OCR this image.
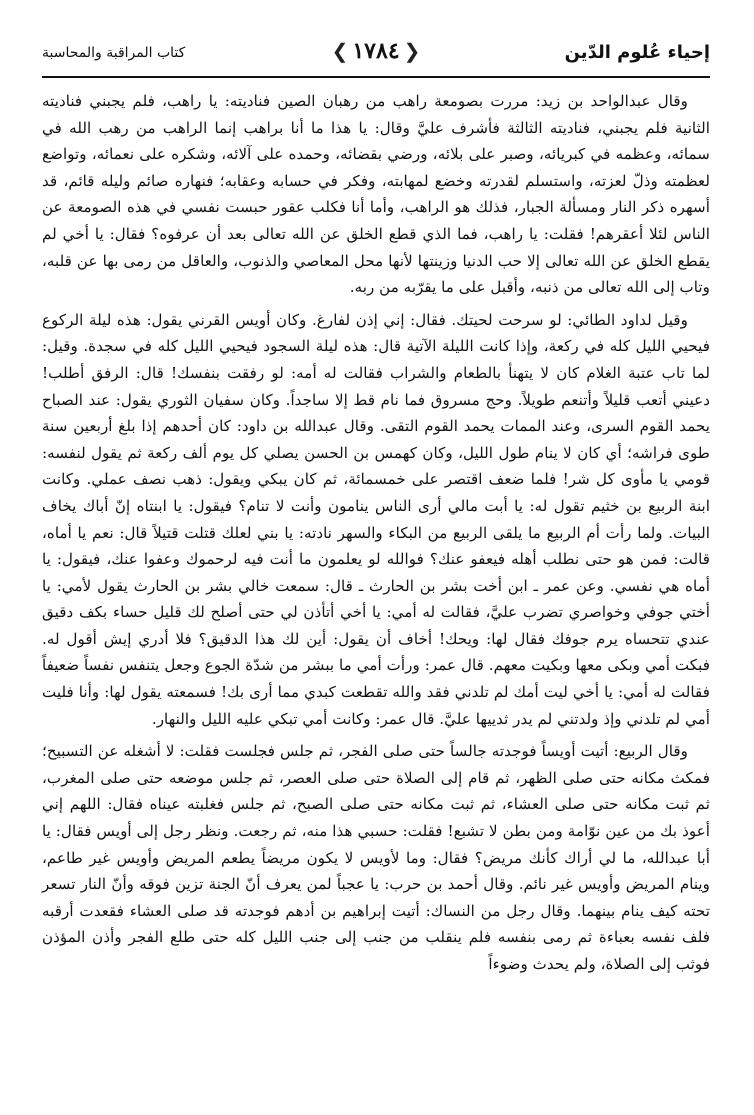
إحياء عُلوم الدّين
❮١٧٨٤❯
كتاب المراقبة والمحاسبة

وقال عبدالواحد بن زيد: مررت بصومعة راهب من رهبان الصين فناديته: يا راهب، فلم يجبني فناديته الثانية فلم يجبني، فناديته الثالثة فأشرف عليَّ وقال: يا هذا ما أنا براهب إنما الراهب من رهب الله في سمائه، وعظمه في كبريائه، وصبر على بلائه، ورضي بقضائه، وحمده على آلائه، وشكره على نعمائه، وتواضع لعظمته وذلّ لعزته، واستسلم لقدرته وخضع لمهابته، وفكر في حسابه وعقابه؛ فنهاره صائم وليله قائم، قد أسهره ذكر النار ومسألة الجبار، فذلك هو الراهب، وأما أنا فكلب عقور حبست نفسي في هذه الصومعة عن الناس لئلا أعقرهم! فقلت: يا راهب، فما الذي قطع الخلق عن الله تعالى بعد أن عرفوه؟ فقال: يا أخي لم يقطع الخلق عن الله تعالى إلا حب الدنيا وزينتها لأنها محل المعاصي والذنوب، والعاقل من رمى بها عن قلبه، وتاب إلى الله تعالى من ذنبه، وأقبل على ما يقرّبه من ربه.

وقيل لداود الطائي: لو سرحت لحيتك. فقال: إني إذن لفارغ. وكان أويس القرني يقول: هذه ليلة الركوع فيحيي الليل كله في ركعة، وإذا كانت الليلة الآتية قال: هذه ليلة السجود فيحيي الليل كله في سجدة. وقيل: لما تاب عتبة الغلام كان لا يتهنأ بالطعام والشراب فقالت له أمه: لو رفقت بنفسك! قال: الرفق أطلب! دعيني أتعب قليلاً وأتنعم طويلاً. وحج مسروق فما نام قط إلا ساجداً. وكان سفيان الثوري يقول: عند الصباح يحمد القوم السرى، وعند الممات يحمد القوم التقى. وقال عبدالله بن داود: كان أحدهم إذا بلغ أربعين سنة طوى فراشه؛ أي كان لا ينام طول الليل، وكان كهمس بن الحسن يصلي كل يوم ألف ركعة ثم يقول لنفسه: قومي يا مأوى كل شر! فلما ضعف اقتصر على خمسمائة، ثم كان يبكي ويقول: ذهب نصف عملي. وكانت ابنة الربيع بن خثيم تقول له: يا أبت مالي أرى الناس ينامون وأنت لا تنام؟ فيقول: يا ابنتاه إنّ أباك يخاف البيات. ولما رأت أم الربيع ما يلقى الربيع من البكاء والسهر نادته: يا بني لعلك قتلت قتيلاً قال: نعم يا أماه، قالت: فمن هو حتى نطلب أهله فيعفو عنك؟ فوالله لو يعلمون ما أنت فيه لرحموك وعفوا عنك، فيقول: يا أماه هي نفسي. وعن عمر ـ ابن أخت بشر بن الحارث ـ قال: سمعت خالي بشر بن الحارث يقول لأمي: يا أختي جوفي وخواصري تضرب عليَّ، فقالت له أمي: يا أخي أتأذن لي حتى أصلح لك قليل حساء بكف دقيق عندي تتحساه يرم جوفك فقال لها: ويحك! أخاف أن يقول: أين لك هذا الدقيق؟ فلا أدري إيش أقول له. فبكت أمي وبكى معها وبكيت معهم. قال عمر: ورأت أمي ما ببشر من شدّة الجوع وجعل يتنفس نفساً ضعيفاً فقالت له أمي: يا أخي ليت أمك لم تلدني فقد والله تقطعت كبدي مما أرى بك! فسمعته يقول لها: وأنا فليت أمي لم تلدني وإذ ولدتني لم يدر ثدييها عليَّ. قال عمر: وكانت أمي تبكي عليه الليل والنهار.

وقال الربيع: أتيت أويساً فوجدته جالساً حتى صلى الفجر، ثم جلس فجلست فقلت: لا أشغله عن التسبيح؛ فمكث مكانه حتى صلى الظهر، ثم قام إلى الصلاة حتى صلى العصر، ثم جلس موضعه حتى صلى المغرب، ثم ثبت مكانه حتى صلى العشاء، ثم ثبت مكانه حتى صلى الصبح، ثم جلس فغلبته عيناه فقال: اللهم إني أعوذ بك من عين نوّامة ومن بطن لا تشبع! فقلت: حسبي هذا منه، ثم رجعت. ونظر رجل إلى أويس فقال: يا أبا عبدالله، ما لي أراك كأنك مريض؟ فقال: وما لأويس لا يكون مريضاً يطعم المريض وأويس غير طاعم، وينام المريض وأويس غير نائم. وقال أحمد بن حرب: يا عجباً لمن يعرف أنّ الجنة تزين فوقه وأنّ النار تسعر تحته كيف ينام بينهما. وقال رجل من النساك: أتيت إبراهيم بن أدهم فوجدته قد صلى العشاء فقعدت أرقبه فلف نفسه بعباءة ثم رمى بنفسه فلم ينقلب من جنب إلى جنب الليل كله حتى طلع الفجر وأذن المؤذن فوثب إلى الصلاة، ولم يحدث وضوءاً
